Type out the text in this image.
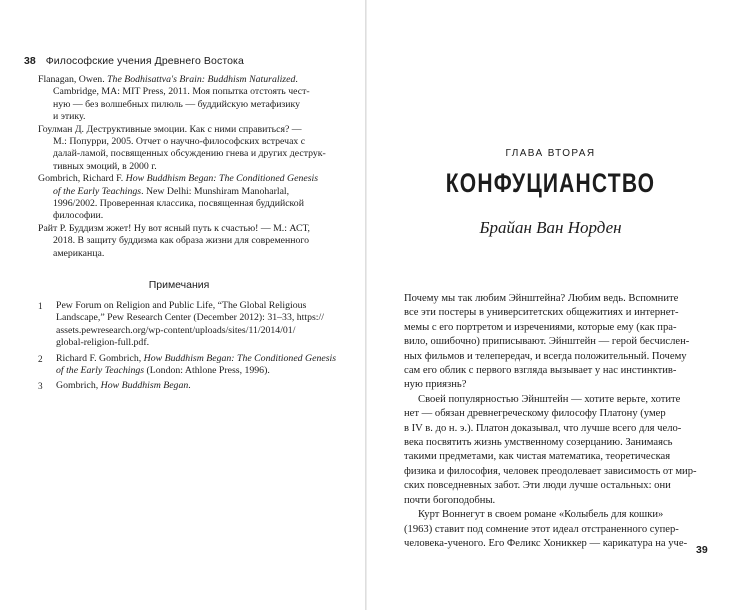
38 Философские учения Древнего Востока
Flanagan, Owen. The Bodhisattva's Brain: Buddhism Naturalized.
Cambridge, MA: MIT Press, 2011. Моя попытка отстоять чест-
ную — без волшебных пилюль — буддийскую метафизику
и этику.
Гоулман Д. Деструктивные эмоции. Как с ними справиться? —
М.: Попурри, 2005. Отчет о научно-философских встречах с
далай-ламой, посвященных обсуждению гнева и других деструк-
тивных эмоций, в 2000 г.
Gombrich, Richard F. How Buddhism Began: The Conditioned Genesis
of the Early Teachings. New Delhi: Munshiram Manoharlal,
1996/2002. Проверенная классика, посвященная буддийской
философии.
Райт Р. Буддизм жжет! Ну вот ясный путь к счастью! — М.: АСТ,
2018. В защиту буддизма как образа жизни для современного
американца.
Примечания
1 Pew Forum on Religion and Public Life, “The Global Religious
Landscape,” Pew Research Center (December 2012): 31–33, https://
assets.pewresearch.org/wp-content/uploads/sites/11/2014/01/
global-religion-full.pdf.
2 Richard F. Gombrich, How Buddhism Began: The Conditioned Genesis
of the Early Teachings (London: Athlone Press, 1996).
3 Gombrich, How Buddhism Began.
ГЛАВА ВТОРАЯ
КОНФУЦИАНСТВО
Брайан Ван Норден
Почему мы так любим Эйнштейна? Любим ведь. Вспомните
все эти постеры в университетских общежитиях и интернет-
мемы с его портретом и изречениями, которые ему (как пра-
вило, ошибочно) приписывают. Эйнштейн — герой бесчислен-
ных фильмов и телепередач, и всегда положительный. Почему
сам его облик с первого взгляда вызывает у нас инстинктив-
ную приязнь?
Своей популярностью Эйнштейн — хотите верьте, хотите
нет — обязан древнегреческому философу Платону (умер
в IV в. до н. э.). Платон доказывал, что лучше всего для чело-
века посвятить жизнь умственному созерцанию. Занимаясь
такими предметами, как чистая математика, теоретическая
физика и философия, человек преодолевает зависимость от мир-
ских повседневных забот. Эти люди лучше остальных: они
почти богоподобны.
Курт Воннегут в своем романе «Колыбель для кошки»
(1963) ставит под сомнение этот идеал отстраненного супер-
человека-ученого. Его Феликс Хониккер — карикатура на уче-
39
